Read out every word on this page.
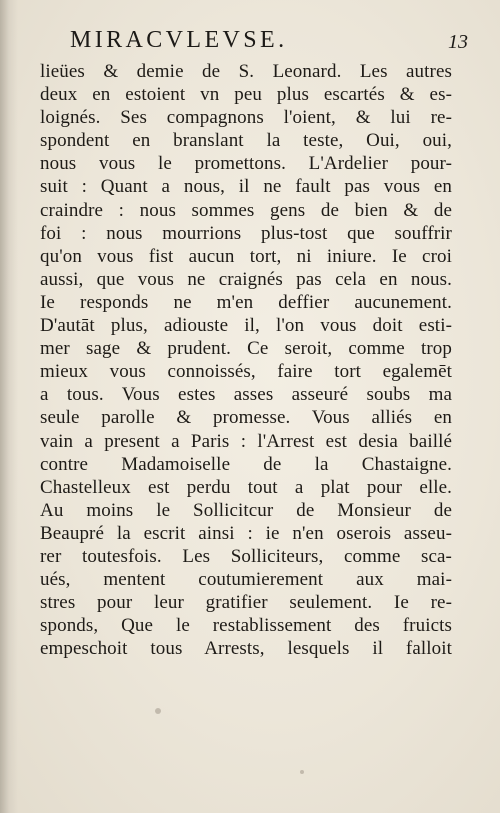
MIRACVLEVSE.	13
lieües & demie de S. Leonard. Les autres
deux en estoient vn peu plus escartés & es-
loignés. Ses compagnons l'oient, & lui re-
spondent en branslant la teste, Oui, oui,
nous vous le promettons. L'Ardelier pour-
suit : Quant a nous, il ne fault pas vous en
craindre : nous sommes gens de bien & de
foi : nous mourrions plus-tost que souffrir
qu'on vous fist aucun tort, ni iniure. Ie croi
aussi, que vous ne craignés pas cela en nous.
Ie responds ne m'en deffier aucunement.
D'autāt plus, adiouste il, l'on vous doit esti-
mer sage & prudent. Ce seroit, comme trop
mieux vous connoissés, faire tort egalemēt
a tous. Vous estes asses asseuré soubs ma
seule parolle & promesse. Vous alliés en
vain a present a Paris : l'Arrest est desia baillé
contre Madamoiselle de la Chastaigne.
Chastelleux est perdu tout a plat pour elle.
Au moins le Sollicitcur de Monsieur de
Beaupré la escrit ainsi : ie n'en oserois asseu-
rer toutesfois. Les Solliciteurs, comme sca-
ués, mentent coutumierement aux mai-
stres pour leur gratifier seulement. Ie re-
sponds, Que le restablissement des fruicts
empeschoit tous Arrests, lesquels il falloit
